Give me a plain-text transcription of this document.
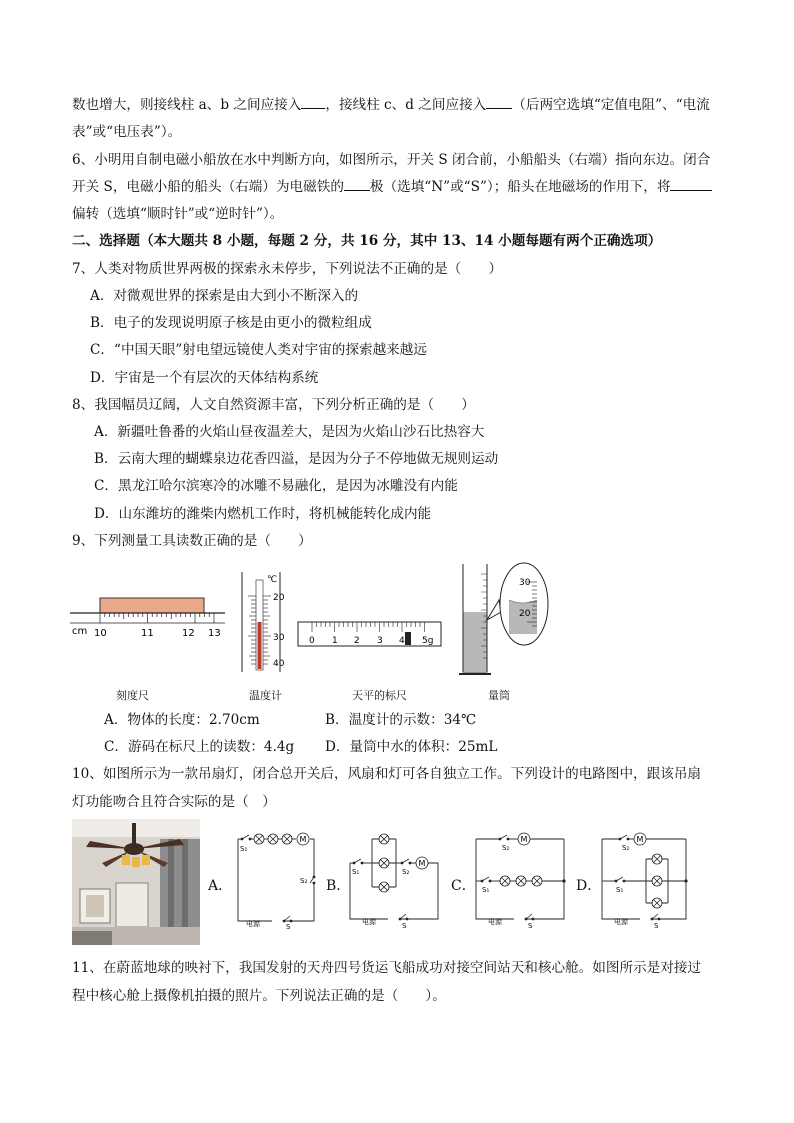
数也增大，则接线柱 a、b 之间应接入 ，接线柱 c、d 之间应接入 （后两空选填“定值电阻”、“电流
表”或“电压表”）。
6、小明用自制电磁小船放在水中判断方向，如图所示，开关 S 闭合前，小船船头（右端）指向东边。闭合
开关 S，电磁小船的船头（右端）为电磁铁的 极（选填“N”或“S”）；船头在地磁场的作用下，将
偏转（选填“顺时针”或“逆时针”）。
二、选择题（本大题共 8 小题，每题 2 分，共 16 分，其中 13、14 小题每题有两个正确选项）
7、人类对物质世界两极的探索永未停步，下列说法不正确的是（　　）
A．对微观世界的探索是由大到小不断深入的
B．电子的发现说明原子核是由更小的微粒组成
C．“中国天眼”射电望远镜使人类对宇宙的探索越来越远
D．宇宙是一个有层次的天体结构系统
8、我国幅员辽阔，人文自然资源丰富，下列分析正确的是（　　）
A．新疆吐鲁番的火焰山昼夜温差大，是因为火焰山沙石比热容大
B．云南大理的蝴蝶泉边花香四溢，是因为分子不停地做无规则运动
C．黑龙江哈尔滨寒冷的冰雕不易融化，是因为冰雕没有内能
D．山东潍坊的潍柴内燃机工作时，将机械能转化成内能
9、下列测量工具读数正确的是（　　）
cm 10	11	12 13
刻度尺
℃
20
30
40
温度计
0 1 2 3 4 5g
天平的标尺
30
20
量筒
A．物体的长度：2.70cm	B．温度计的示数：34℃
C．游码在标尺上的读数：4.4g D．量筒中水的体积：25mL
10、如图所示为一款吊扇灯，闭合总开关后，风扇和灯可各自独立工作。下列设计的电路图中，跟该吊扇
灯功能吻合且符合实际的是（　）
A．	B．	C．	D．
M
S₁
S₂
S
电源
M
S₁	S₂
S
电源
M
S₂
S₁
S
电源
M
S₂
S₁
S
电源
11、在蔚蓝地球的映衬下，我国发射的天舟四号货运飞船成功对接空间站天和核心舱。如图所示是对接过
程中核心舱上摄像机拍摄的照片。下列说法正确的是（　　）。
